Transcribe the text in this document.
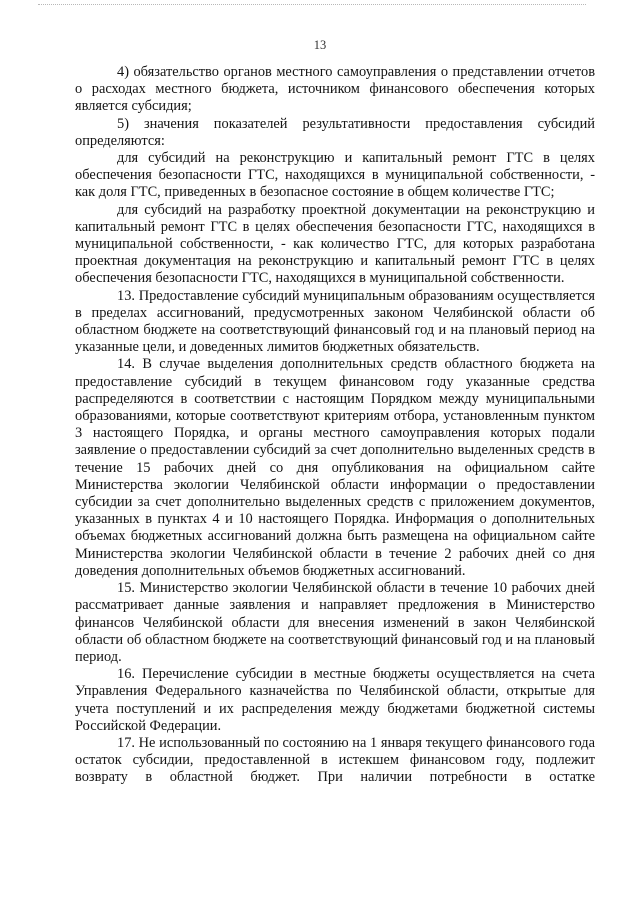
13

4) обязательство органов местного самоуправления о представлении отчетов о расходах местного бюджета, источником финансового обеспечения которых является субсидия;

5) значения показателей результативности предоставления субсидий определяются:

для субсидий на реконструкцию и капитальный ремонт ГТС в целях обеспечения безопасности ГТС, находящихся в муниципальной собственности, - как доля ГТС, приведенных в безопасное состояние в общем количестве ГТС;

для субсидий на разработку проектной документации на реконструкцию и капитальный ремонт ГТС в целях обеспечения безопасности ГТС, находящихся в муниципальной собственности, - как количество ГТС, для которых разработана проектная документация на реконструкцию и капитальный ремонт ГТС в целях обеспечения безопасности ГТС, находящихся в муниципальной собственности.

13. Предоставление субсидий муниципальным образованиям осуществляется в пределах ассигнований, предусмотренных законом Челябинской области об областном бюджете на соответствующий финансовый год и на плановый период на указанные цели, и доведенных лимитов бюджетных обязательств.

14. В случае выделения дополнительных средств областного бюджета на предоставление субсидий в текущем финансовом году указанные средства распределяются в соответствии с настоящим Порядком между муниципальными образованиями, которые соответствуют критериям отбора, установленным пунктом 3 настоящего Порядка, и органы местного самоуправления которых подали заявление о предоставлении субсидий за счет дополнительно выделенных средств в течение 15 рабочих дней со дня опубликования на официальном сайте Министерства экологии Челябинской области информации о предоставлении субсидии за счет дополнительно выделенных средств с приложением документов, указанных в пунктах 4 и 10 настоящего Порядка. Информация о дополнительных объемах бюджетных ассигнований должна быть размещена на официальном сайте Министерства экологии Челябинской области в течение 2 рабочих дней со дня доведения дополнительных объемов бюджетных ассигнований.

15. Министерство экологии Челябинской области в течение 10 рабочих дней рассматривает данные заявления и направляет предложения в Министерство финансов Челябинской области для внесения изменений в закон Челябинской области об областном бюджете на соответствующий финансовый год и на плановый период.

16. Перечисление субсидии в местные бюджеты осуществляется на счета Управления Федерального казначейства по Челябинской области, открытые для учета поступлений и их распределения между бюджетами бюджетной системы Российской Федерации.

17. Не использованный по состоянию на 1 января текущего финансового года остаток субсидии, предоставленной в истекшем финансовом году, подлежит возврату в областной бюджет. При наличии потребности в остатке
